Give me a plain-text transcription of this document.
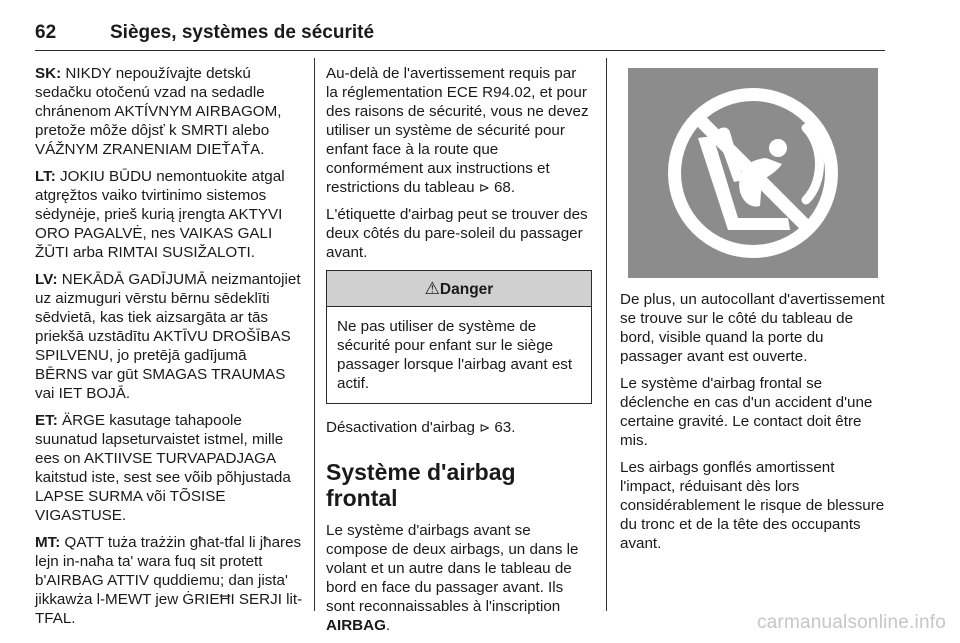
62	Sièges, systèmes de sécurité

SK: NIKDY nepoužívajte detskú sedačku otočenú vzad na sedadle chránenom AKTÍVNYM AIRBAGOM, pretože môže dôjsť k SMRTI alebo VÁŽNYM ZRANENIAM DIEŤAŤA.

LT: JOKIU BŪDU nemontuokite atgal atgręžtos vaiko tvirtinimo sistemos sėdynėje, prieš kurią įrengta AKTYVI ORO PAGALVĖ, nes VAIKAS GALI ŽŪTI arba RIMTAI SUSIŽALOTI.

LV: NEKĀDĀ GADĪJUMĀ neizmantojiet uz aizmuguri vērstu bērnu sēdeklīti sēdvietā, kas tiek aizsargāta ar tās priekšā uzstādītu AKTĪVU DROŠĪBAS SPILVENU, jo pretējā gadījumā BĒRNS var gūt SMAGAS TRAUMAS vai IET BOJĀ.

ET: ÄRGE kasutage tahapoole suunatud lapseturvaistet istmel, mille ees on AKTIIVSE TURVAPADJAGA kaitstud iste, sest see võib põhjustada LAPSE SURMA või TÕSISE VIGASTUSE.

MT: QATT tuża trażżin għat-tfal li jħares lejn in-naħa ta' wara fuq sit protett b'AIRBAG ATTIV quddiemu; dan jista' jikkawża l-MEWT jew ĠRIEĦI SERJI lit-TFAL.

Au-delà de l'avertissement requis par la réglementation ECE R94.02, et pour des raisons de sécurité, vous ne devez utiliser un système de sécurité pour enfant face à la route que conformément aux instructions et restrictions du tableau ⊳ 68.

L'étiquette d'airbag peut se trouver des deux côtés du pare-soleil du passager avant.

⚠Danger
Ne pas utiliser de système de sécurité pour enfant sur le siège passager lorsque l'airbag avant est actif.

Désactivation d'airbag ⊳ 63.

Système d'airbag frontal

Le système d'airbags avant se compose de deux airbags, un dans le volant et un autre dans le tableau de bord en face du passager avant. Ils sont reconnaissables à l'inscription AIRBAG.

De plus, un autocollant d'avertissement se trouve sur le côté du tableau de bord, visible quand la porte du passager avant est ouverte.

Le système d'airbag frontal se déclenche en cas d'un accident d'une certaine gravité. Le contact doit être mis.

Les airbags gonflés amortissent l'impact, réduisant dès lors considérablement le risque de blessure du tronc et de la tête des occupants avant.

carmanualsonline.info
